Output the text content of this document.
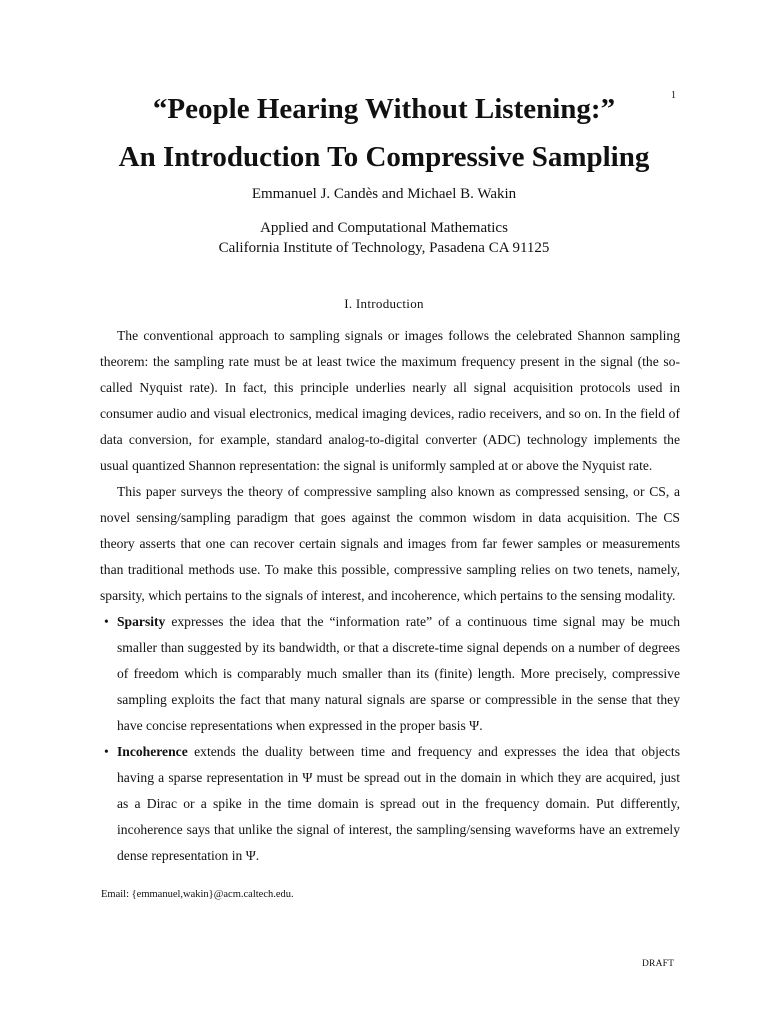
1
“People Hearing Without Listening:”
An Introduction To Compressive Sampling
Emmanuel J. Candès and Michael B. Wakin
Applied and Computational Mathematics
California Institute of Technology, Pasadena CA 91125
I. Introduction

The conventional approach to sampling signals or images follows the celebrated Shannon sampling theorem: the sampling rate must be at least twice the maximum frequency present in the signal (the so-called Nyquist rate). In fact, this principle underlies nearly all signal acquisition protocols used in consumer audio and visual electronics, medical imaging devices, radio receivers, and so on. In the field of data conversion, for example, standard analog-to-digital converter (ADC) technology implements the usual quantized Shannon representation: the signal is uniformly sampled at or above the Nyquist rate.

This paper surveys the theory of compressive sampling also known as compressed sensing, or CS, a novel sensing/sampling paradigm that goes against the common wisdom in data acquisition. The CS theory asserts that one can recover certain signals and images from far fewer samples or measurements than traditional methods use. To make this possible, compressive sampling relies on two tenets, namely, sparsity, which pertains to the signals of interest, and incoherence, which pertains to the sensing modality.

• Sparsity expresses the idea that the “information rate” of a continuous time signal may be much smaller than suggested by its bandwidth, or that a discrete-time signal depends on a number of degrees of freedom which is comparably much smaller than its (finite) length. More precisely, compressive sampling exploits the fact that many natural signals are sparse or compressible in the sense that they have concise representations when expressed in the proper basis Ψ.
• Incoherence extends the duality between time and frequency and expresses the idea that objects having a sparse representation in Ψ must be spread out in the domain in which they are acquired, just as a Dirac or a spike in the time domain is spread out in the frequency domain. Put differently, incoherence says that unlike the signal of interest, the sampling/sensing waveforms have an extremely dense representation in Ψ.
Email: {emmanuel,wakin}@acm.caltech.edu.
DRAFT
